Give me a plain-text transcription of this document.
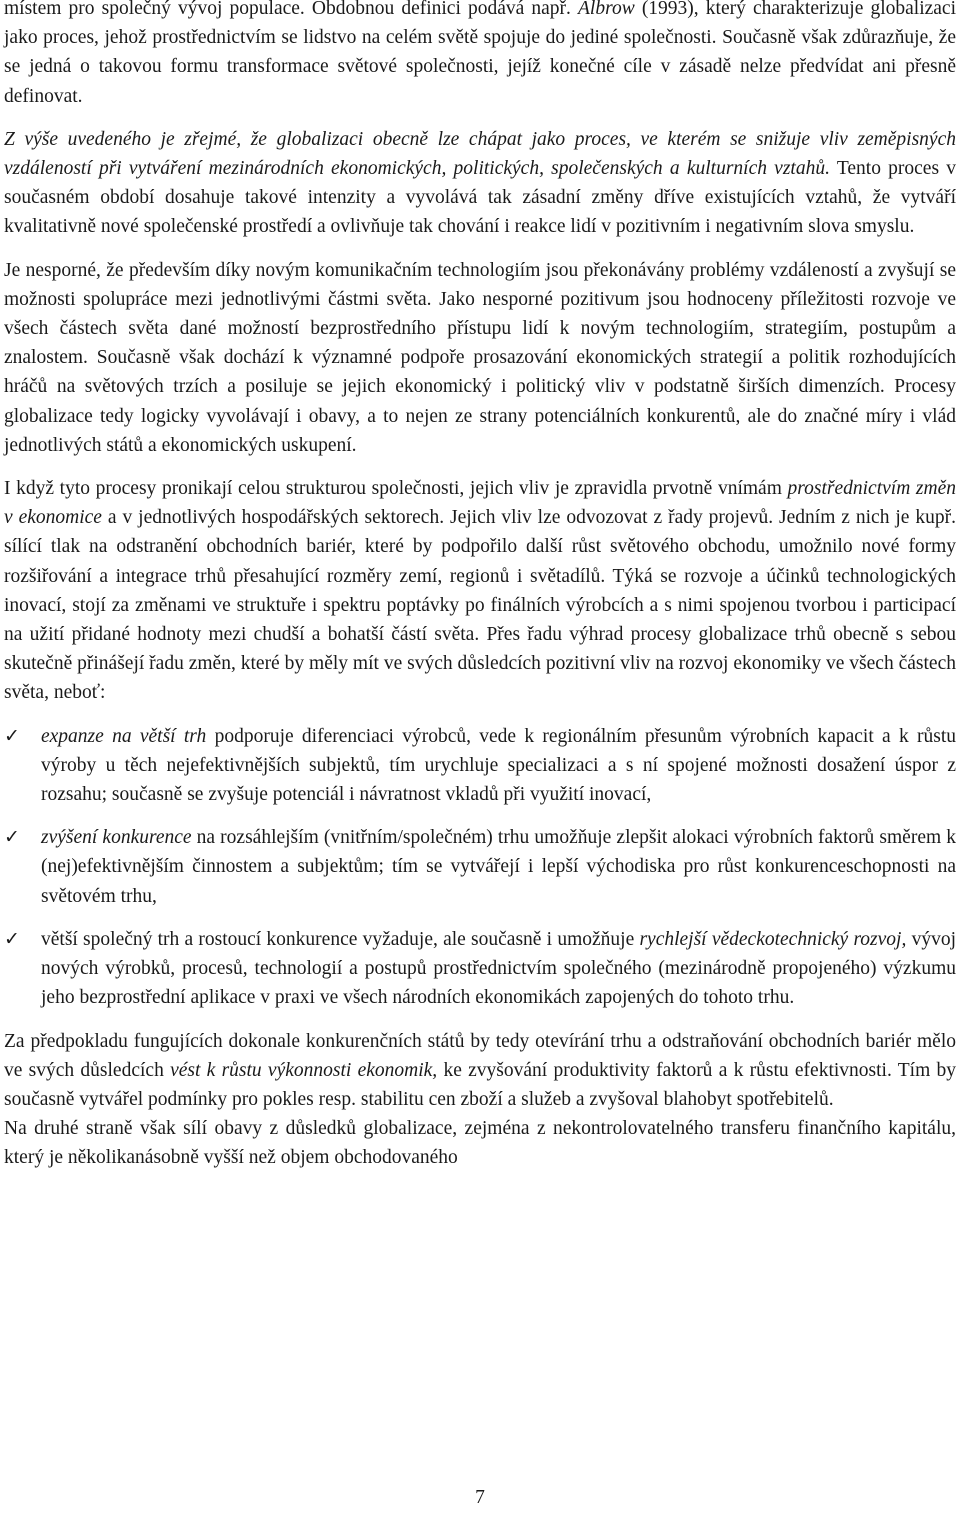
místem pro společný vývoj populace. Obdobnou definici podává např. Albrow (1993), který charakterizuje globalizaci jako proces, jehož prostřednictvím se lidstvo na celém světě spojuje do jediné společnosti. Současně však zdůrazňuje, že se jedná o takovou formu transformace světové společnosti, jejíž konečné cíle v zásadě nelze předvídat ani přesně definovat.

Z výše uvedeného je zřejmé, že globalizaci obecně lze chápat jako proces, ve kterém se snižuje vliv zeměpisných vzdáleností při vytváření mezinárodních ekonomických, politických, společenských a kulturních vztahů. Tento proces v současném období dosahuje takové intenzity a vyvolává tak zásadní změny dříve existujících vztahů, že vytváří kvalitativně nové společenské prostředí a ovlivňuje tak chování i reakce lidí v pozitivním i negativním slova smyslu.

Je nesporné, že především díky novým komunikačním technologiím jsou překonávány problémy vzdáleností a zvyšují se možnosti spolupráce mezi jednotlivými částmi světa. Jako nesporné pozitivum jsou hodnoceny příležitosti rozvoje ve všech částech světa dané možností bezprostředního přístupu lidí k novým technologiím, strategiím, postupům a znalostem. Současně však dochází k významné podpoře prosazování ekonomických strategií a politik rozhodujících hráčů na světových trzích a posiluje se jejich ekonomický i politický vliv v podstatně širších dimenzích. Procesy globalizace tedy logicky vyvolávají i obavy, a to nejen ze strany potenciálních konkurentů, ale do značné míry i vlád jednotlivých států a ekonomických uskupení.

I když tyto procesy pronikají celou strukturou společnosti, jejich vliv je zpravidla prvotně vnímám prostřednictvím změn v ekonomice a v jednotlivých hospodářských sektorech. Jejich vliv lze odvozovat z řady projevů. Jedním z nich je kupř. sílící tlak na odstranění obchodních bariér, které by podpořilo další růst světového obchodu, umožnilo nové formy rozšiřování a integrace trhů přesahující rozměry zemí, regionů i světadílů. Týká se rozvoje a účinků technologických inovací, stojí za změnami ve struktuře i spektru poptávky po finálních výrobcích a s nimi spojenou tvorbou i participací na užití přidané hodnoty mezi chudší a bohatší částí světa. Přes řadu výhrad procesy globalizace trhů obecně s sebou skutečně přinášejí řadu změn, které by měly mít ve svých důsledcích pozitivní vliv na rozvoj ekonomiky ve všech částech světa, neboť:

✓ expanze na větší trh podporuje diferenciaci výrobců, vede k regionálním přesunům výrobních kapacit a k růstu výroby u těch nejefektivnějších subjektů, tím urychluje specializaci a s ní spojené možnosti dosažení úspor z rozsahu; současně se zvyšuje potenciál i návratnost vkladů při využití inovací,
✓ zvýšení konkurence na rozsáhlejším (vnitřním/společném) trhu umožňuje zlepšit alokaci výrobních faktorů směrem k (nej)efektivnějším činnostem a subjektům; tím se vytvářejí i lepší východiska pro růst konkurenceschopnosti na světovém trhu,
✓ větší společný trh a rostoucí konkurence vyžaduje, ale současně i umožňuje rychlejší vědeckotechnický rozvoj, vývoj nových výrobků, procesů, technologií a postupů prostřednictvím společného (mezinárodně propojeného) výzkumu jeho bezprostřední aplikace v praxi ve všech národních ekonomikách zapojených do tohoto trhu.

Za předpokladu fungujících dokonale konkurenčních států by tedy otevírání trhu a odstraňování obchodních bariér mělo ve svých důsledcích vést k růstu výkonnosti ekonomik, ke zvyšování produktivity faktorů a k růstu efektivnosti. Tím by současně vytvářel podmínky pro pokles resp. stabilitu cen zboží a služeb a zvyšoval blahobyt spotřebitelů.

Na druhé straně však sílí obavy z důsledků globalizace, zejména z nekontrolovatelného transferu finančního kapitálu, který je několikanásobně vyšší než objem obchodovaného

7
